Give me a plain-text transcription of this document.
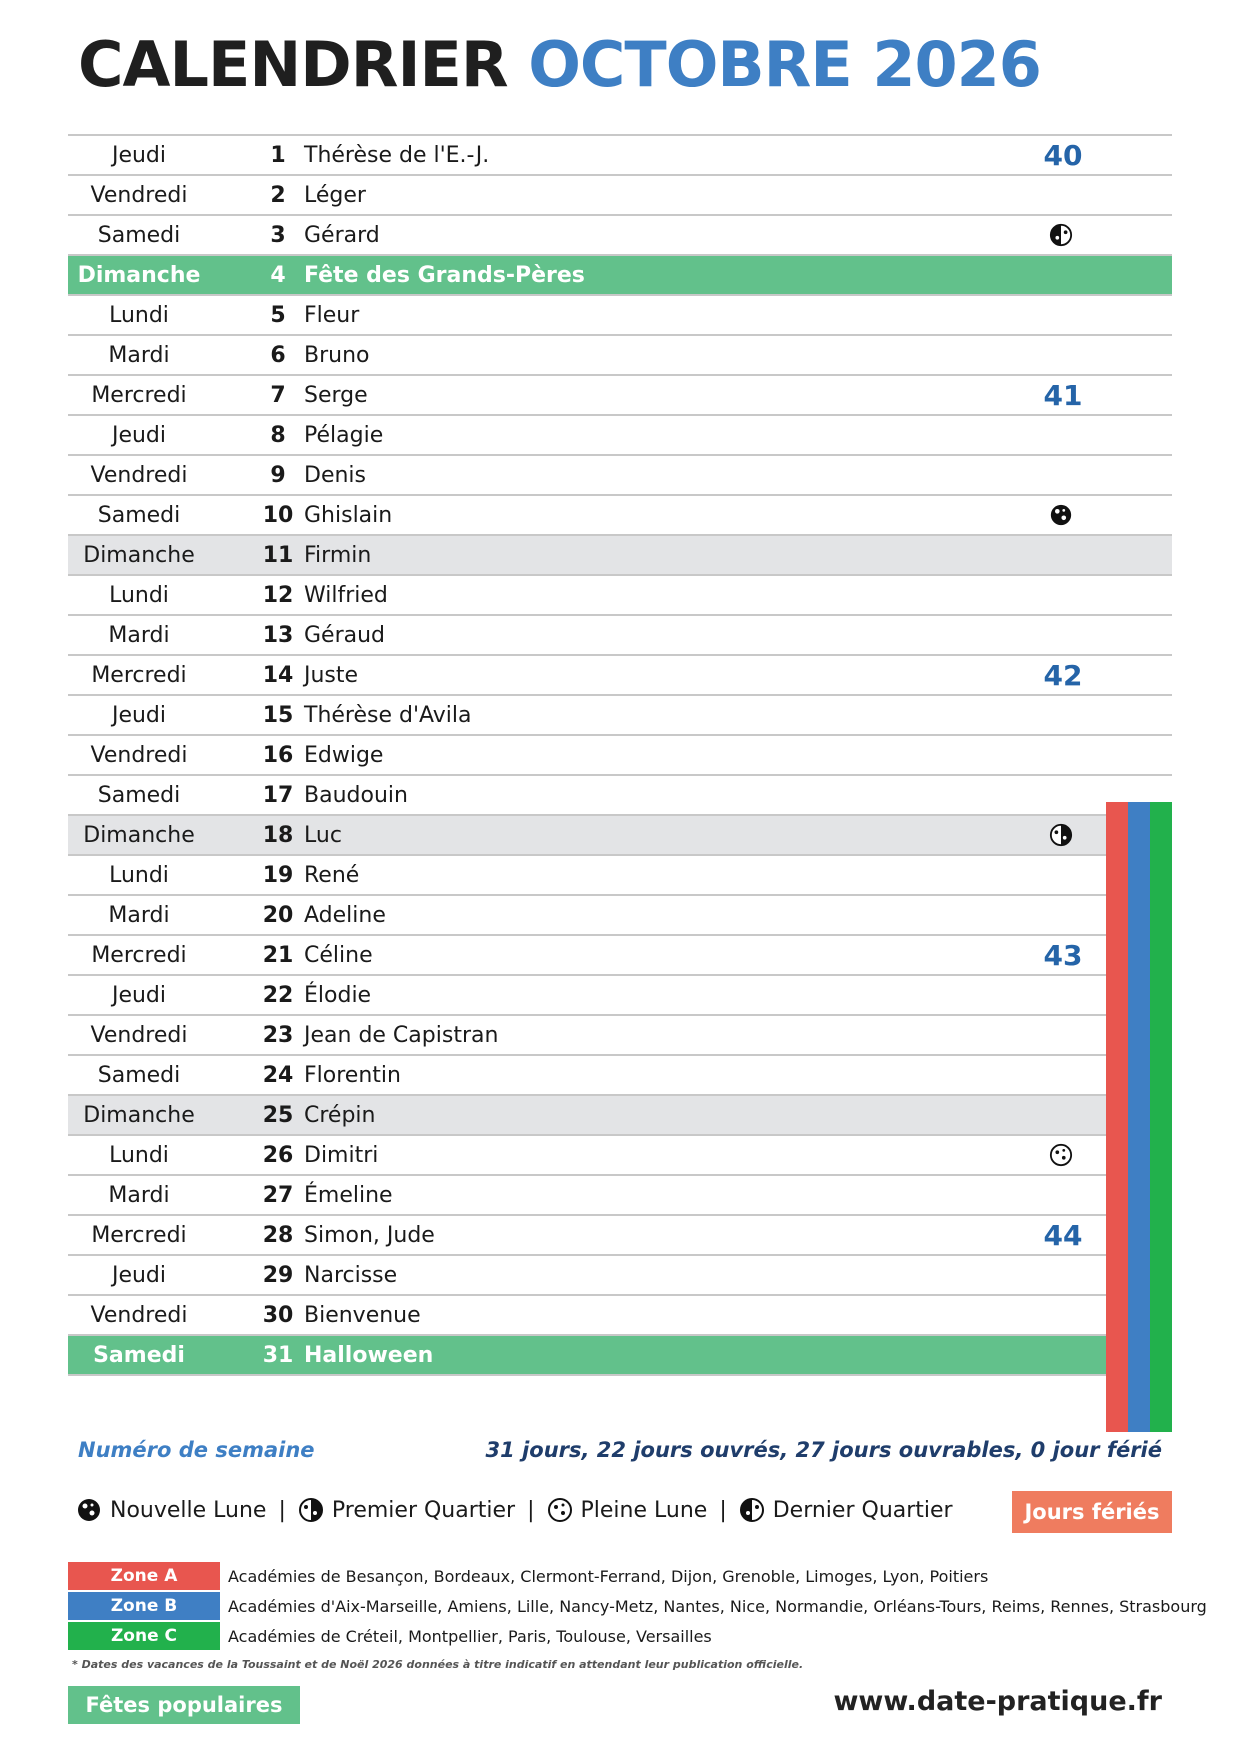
CALENDRIER OCTOBRE 2026
Jeudi	1 Thérèse de l'E.-J.	40
Vendredi	2 Léger
Samedi	3 Gérard
Dimanche	4 Fête des Grands-Pères
Lundi	5 Fleur
Mardi	6 Bruno
Mercredi	7 Serge	41
Jeudi	8 Pélagie
Vendredi	9 Denis
Samedi	10 Ghislain
Dimanche	11 Firmin
Lundi	12 Wilfried
Mardi	13 Géraud
Mercredi	14 Juste	42
Jeudi	15 Thérèse d'Avila
Vendredi	16 Edwige
Samedi	17 Baudouin
Dimanche	18 Luc
Lundi	19 René
Mardi	20 Adeline
Mercredi	21 Céline	43
Jeudi	22 Élodie
Vendredi	23 Jean de Capistran
Samedi	24 Florentin
Dimanche	25 Crépin
Lundi	26 Dimitri
Mardi	27 Émeline
Mercredi	28 Simon, Jude	44
Jeudi	29 Narcisse
Vendredi	30 Bienvenue
Samedi	31 Halloween
Numéro de semaine	31 jours, 22 jours ouvrés, 27 jours ouvrables, 0 jour férié
Nouvelle Lune | Premier Quartier | Pleine Lune | Dernier Quartier	Jours fériés
Zone A	Académies de Besançon, Bordeaux, Clermont-Ferrand, Dijon, Grenoble, Limoges, Lyon, Poitiers
Zone B	Académies d'Aix-Marseille, Amiens, Lille, Nancy-Metz, Nantes, Nice, Normandie, Orléans-Tours, Reims, Rennes, Strasbourg
Zone C	Académies de Créteil, Montpellier, Paris, Toulouse, Versailles
* Dates des vacances de la Toussaint et de Noël 2026 données à titre indicatif en attendant leur publication officielle.
Fêtes populaires	www.date-pratique.fr
